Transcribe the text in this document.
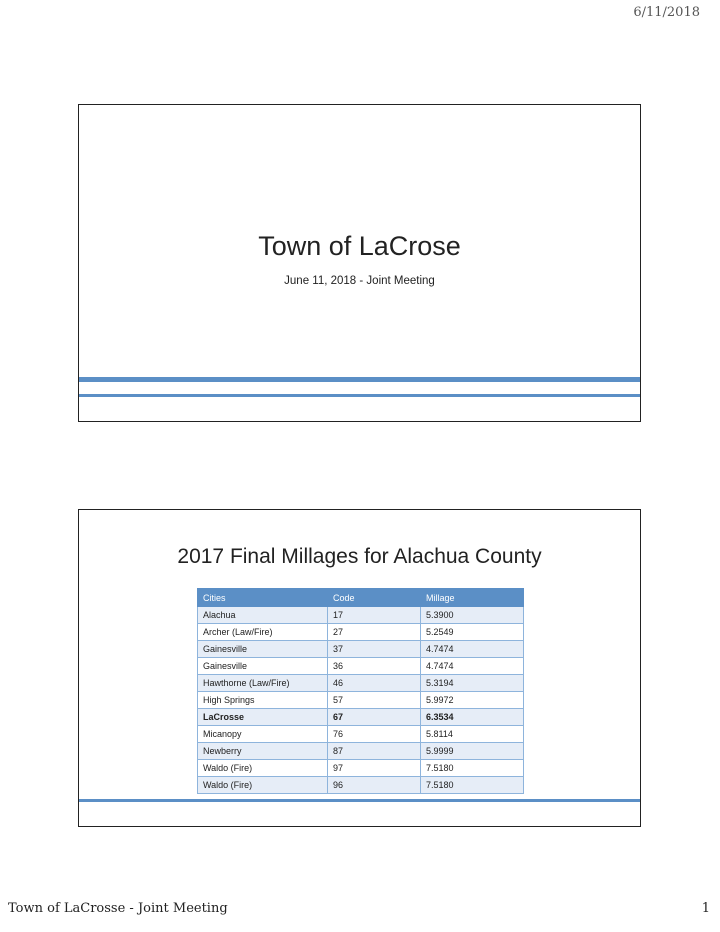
6/11/2018
Town of LaCrose
June 11, 2018 - Joint Meeting
2017 Final Millages for Alachua County
Cities	Code	Millage
Alachua	17	5.3900
Archer (Law/Fire)	27	5.2549
Gainesville	37	4.7474
Gainesville	36	4.7474
Hawthorne (Law/Fire)	46	5.3194
High Springs	57	5.9972
LaCrosse	67	6.3534
Micanopy	76	5.8114
Newberry	87	5.9999
Waldo (Fire)	97	7.5180
Waldo (Fire)	96	7.5180
Town of LaCrosse - Joint Meeting	1
